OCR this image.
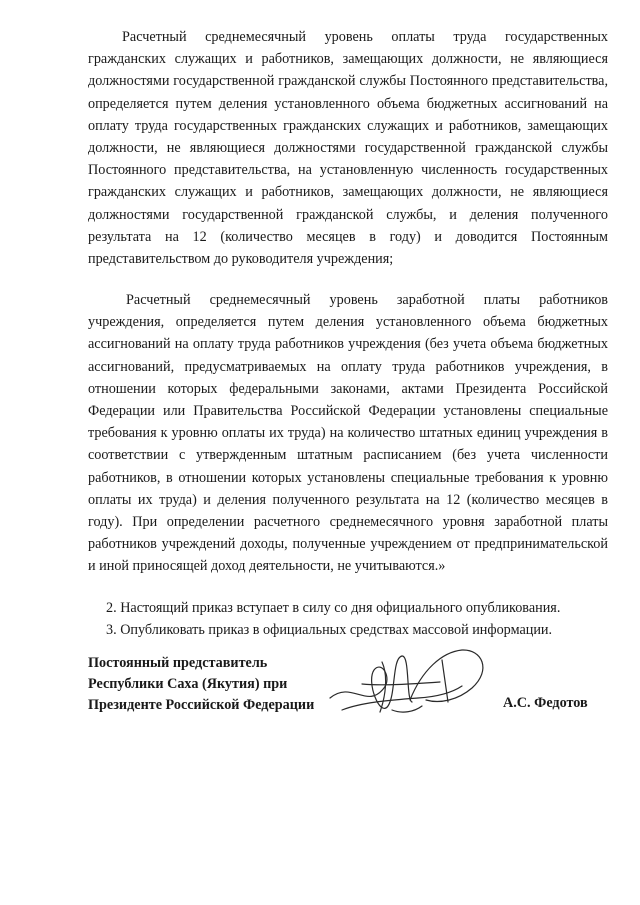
Расчетный среднемесячный уровень оплаты труда государственных гражданских служащих и работников, замещающих должности, не являющиеся должностями государственной гражданской службы Постоянного представительства, определяется путем деления установленного объема бюджетных ассигнований на оплату труда государственных гражданских служащих и работников, замещающих должности, не являющиеся должностями государственной гражданской службы Постоянного представительства, на установленную численность государственных гражданских служащих и работников, замещающих должности, не являющиеся должностями государственной гражданской службы, и деления полученного результата на 12 (количество месяцев в году) и доводится Постоянным представительством до руководителя учреждения;

Расчетный среднемесячный уровень заработной платы работников учреждения, определяется путем деления установленного объема бюджетных ассигнований на оплату труда работников учреждения (без учета объема бюджетных ассигнований, предусматриваемых на оплату труда работников учреждения, в отношении которых федеральными законами, актами Президента Российской Федерации или Правительства Российской Федерации установлены специальные требования к уровню оплаты их труда) на количество штатных единиц учреждения в соответствии с утвержденным штатным расписанием (без учета численности работников, в отношении которых установлены специальные требования к уровню оплаты их труда) и деления полученного результата на 12 (количество месяцев в году). При определении расчетного среднемесячного уровня заработной платы работников учреждений доходы, полученные учреждением от предпринимательской и иной приносящей доход деятельности, не учитываются.»

2. Настоящий приказ вступает в силу со дня официального опубликования.

3. Опубликовать приказ в официальных средствах массовой информации.

Постоянный представитель
Республики Саха (Якутия) при
Президенте Российской Федерации	А.С. Федотов
